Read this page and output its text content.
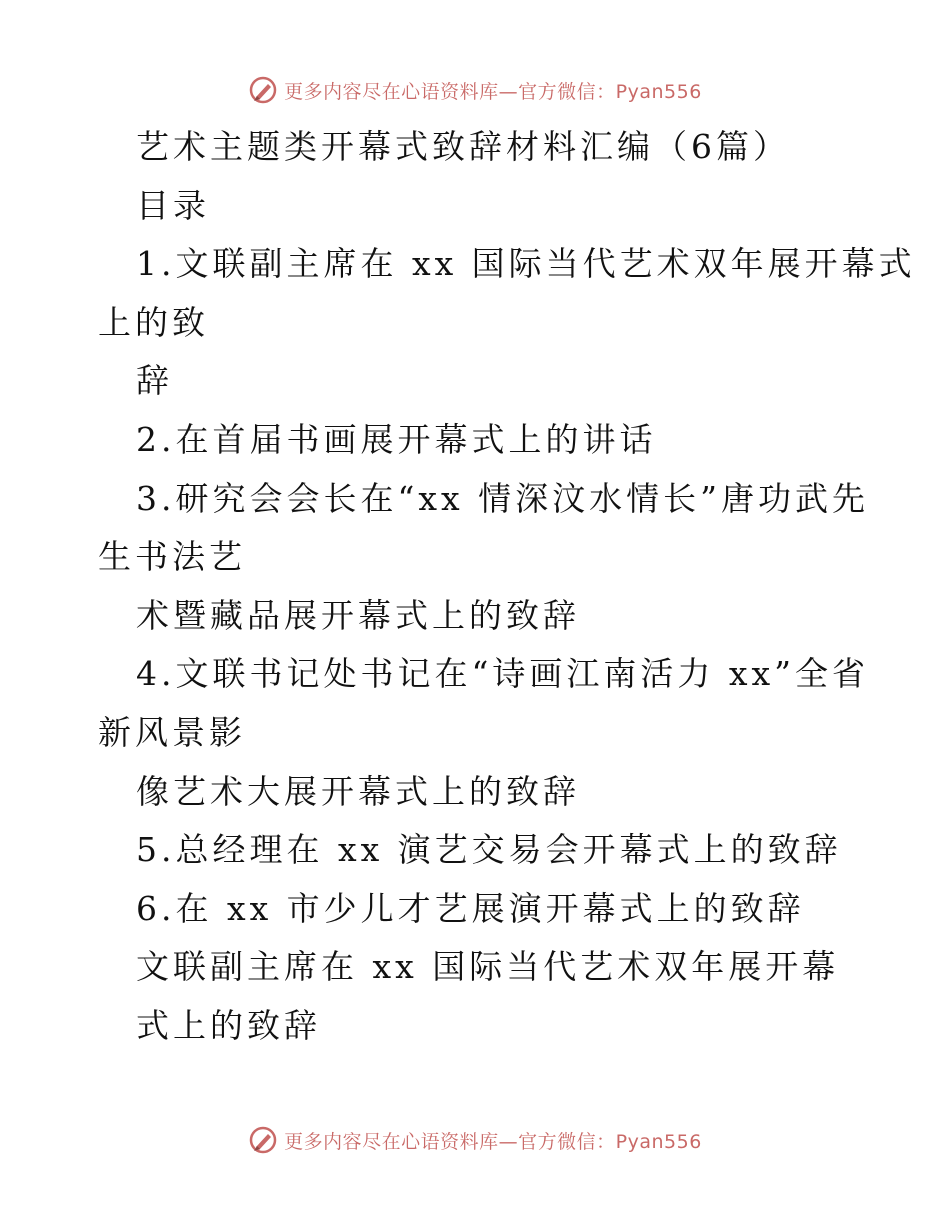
更多内容尽在心语资料库—官方微信：Pyan556
艺术主题类开幕式致辞材料汇编（6篇）
目录
1.文联副主席在 xx 国际当代艺术双年展开幕式
上的致
辞
2.在首届书画展开幕式上的讲话
3.研究会会长在“xx 情深汶水情长”唐功武先
生书法艺
术暨藏品展开幕式上的致辞
4.文联书记处书记在“诗画江南活力 xx”全省
新风景影
像艺术大展开幕式上的致辞
5.总经理在 xx 演艺交易会开幕式上的致辞
6.在 xx 市少儿才艺展演开幕式上的致辞
文联副主席在 xx 国际当代艺术双年展开幕
式上的致辞
更多内容尽在心语资料库—官方微信：Pyan556
